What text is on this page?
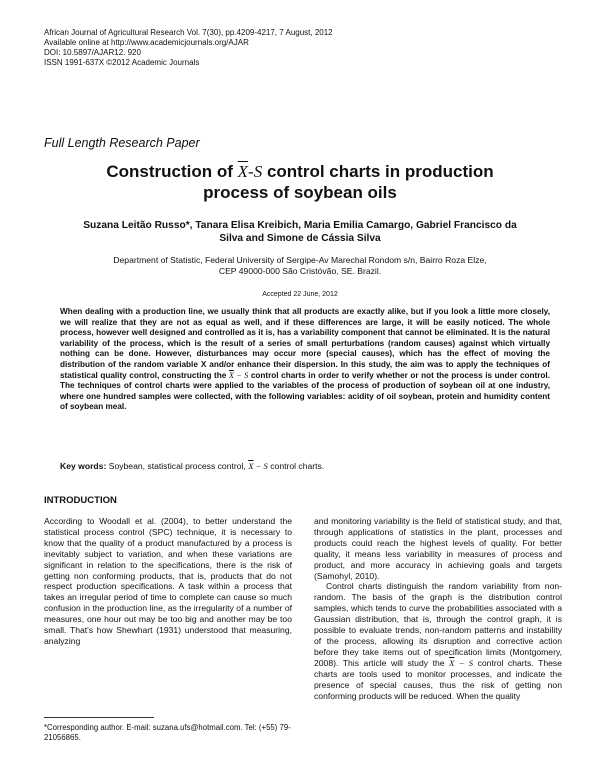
African Journal of Agricultural Research Vol. 7(30), pp.4209-4217, 7 August, 2012
Available online at http://www.academicjournals.org/AJAR
DOI: 10.5897/AJAR12. 920
ISSN 1991-637X ©2012 Academic Journals
Full Length Research Paper
Construction of $\overline{X}-S$ control charts in production
process of soybean oils
Suzana Leitão Russo*, Tanara Elisa Kreibich, Maria Emilia Camargo, Gabriel Francisco da
Silva and Simone de Cássia Silva
Department of Statistic, Federal University of Sergipe-Av Marechal Rondom s/n, Bairro Roza Elze,
CEP 49000-000 São Cristóvão, SE. Brazil.
Accepted 22 June, 2012
When dealing with a production line, we usually think that all products are exactly alike, but if you look a little more closely, we will realize that they are not as equal as well, and if these differences are large, it will be easily noticed. The whole process, however well designed and controlled as it is, has a variability component that cannot be eliminated. It is the natural variability of the process, which is the result of a series of small perturbations (random causes) against which virtually nothing can be done. However, disturbances may occur more (special causes), which has the effect of moving the distribution of the random variable X and/or enhance their dispersion. In this study, the aim was to apply the techniques of statistical quality control, constructing the $\overline{X} - S$ control charts in order to verify whether or not the process is under control. The techniques of control charts were applied to the variables of the process of production of soybean oil at one industry, where one hundred samples were collected, with the following variables: acidity of oil soybean, protein and humidity content of soybean meal.
Key words: Soybean, statistical process control, $\overline{X} - S$ control charts.
INTRODUCTION

According to Woodall et al. (2004), to better understand the statistical process control (SPC) technique, it is necessary to know that the quality of a product manufactured by a process is inevitably subject to variation, and when these variations are significant in relation to the specifications, there is the risk of getting non conforming products, that is, products that do not respect production specifications. A task within a process that takes an irregular period of time to complete can cause so much confusion in the production line, as the irregularity of a number of measures, one hour out may be too big and another may be too small. That's how Shewhart (1931) understood that measuring, analyzing

and monitoring variability is the field of statistical study, and that, through applications of statistics in the plant, processes and products could reach the highest levels of quality. For better quality, it means less variability in measures of process and product, and more accuracy in achieving goals and targets (Samohyl, 2010).

Control charts distinguish the random variability from non-random. The basis of the graph is the distribution control samples, which tends to curve the probabilities associated with a Gaussian distribution, that is, through the control graph, it is possible to evaluate trends, non-random patterns and instability of the process, allowing its disruption and corrective action before they take items out of specification limits (Montgomery, 2008). This article will study the $\overline{X} - S$ control charts. These charts are tools used to monitor processes, and indicate the presence of special causes, thus the risk of getting non conforming products will be reduced. When the quality

*Corresponding author. E-mail: suzana.ufs@hotmail.com. Tel: (+55) 79-21056865.
